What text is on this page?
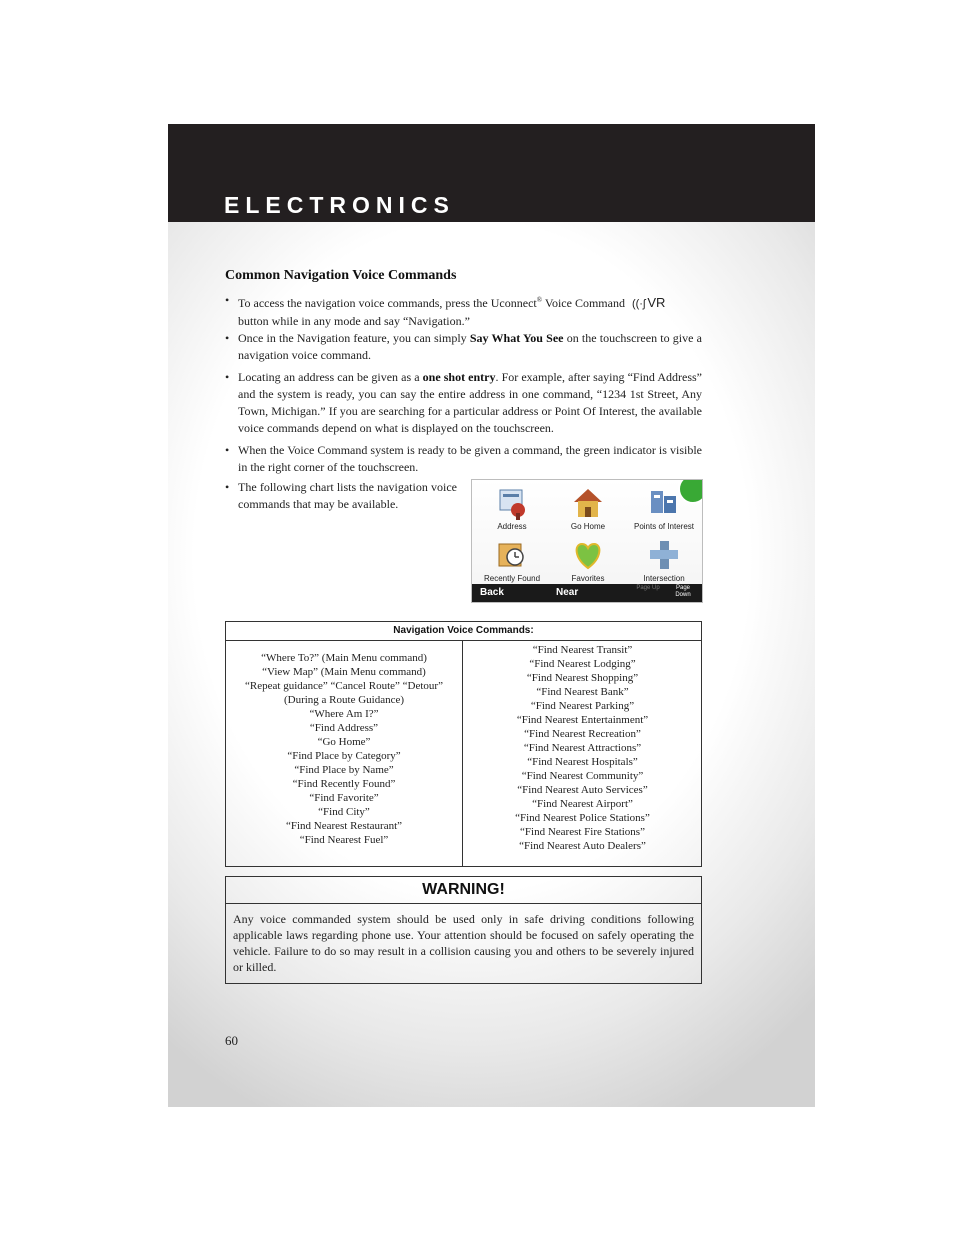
ELECTRONICS
Common Navigation Voice Commands
• To access the navigation voice commands, press the Uconnect® Voice Command ((·ʃ VR
button while in any mode and say “Navigation.”
• Once in the Navigation feature, you can simply Say What You See on the touchscreen to give a navigation voice command.
• Locating an address can be given as a one shot entry. For example, after saying “Find Address” and the system is ready, you can say the entire address in one command, “1234 1st Street, Any Town, Michigan.” If you are searching for a particular address or Point Of Interest, the available voice commands depend on what is displayed on the touchscreen.
• When the Voice Command system is ready to be given a command, the green indicator is visible in the right corner of the touchscreen.
• The following chart lists the navigation voice commands that may be available.
Address	Go Home	Points of Interest
Recently Found	Favorites	Intersection
Back	Near	Page Up	Page Down
Navigation Voice Commands:
“Where To?” (Main Menu command)
“View Map” (Main Menu command)
“Repeat guidance” “Cancel Route” “Detour”
(During a Route Guidance)
“Where Am I?”
“Find Address”
“Go Home”
“Find Place by Category”
“Find Place by Name”
“Find Recently Found”
“Find Favorite”
“Find City”
“Find Nearest Restaurant”
“Find Nearest Fuel”
“Find Nearest Transit”
“Find Nearest Lodging”
“Find Nearest Shopping”
“Find Nearest Bank”
“Find Nearest Parking”
“Find Nearest Entertainment”
“Find Nearest Recreation”
“Find Nearest Attractions”
“Find Nearest Hospitals”
“Find Nearest Community”
“Find Nearest Auto Services”
“Find Nearest Airport”
“Find Nearest Police Stations”
“Find Nearest Fire Stations”
“Find Nearest Auto Dealers”
WARNING!
Any voice commanded system should be used only in safe driving conditions following applicable laws regarding phone use. Your attention should be focused on safely operating the vehicle. Failure to do so may result in a collision causing you and others to be severely injured or killed.
60
